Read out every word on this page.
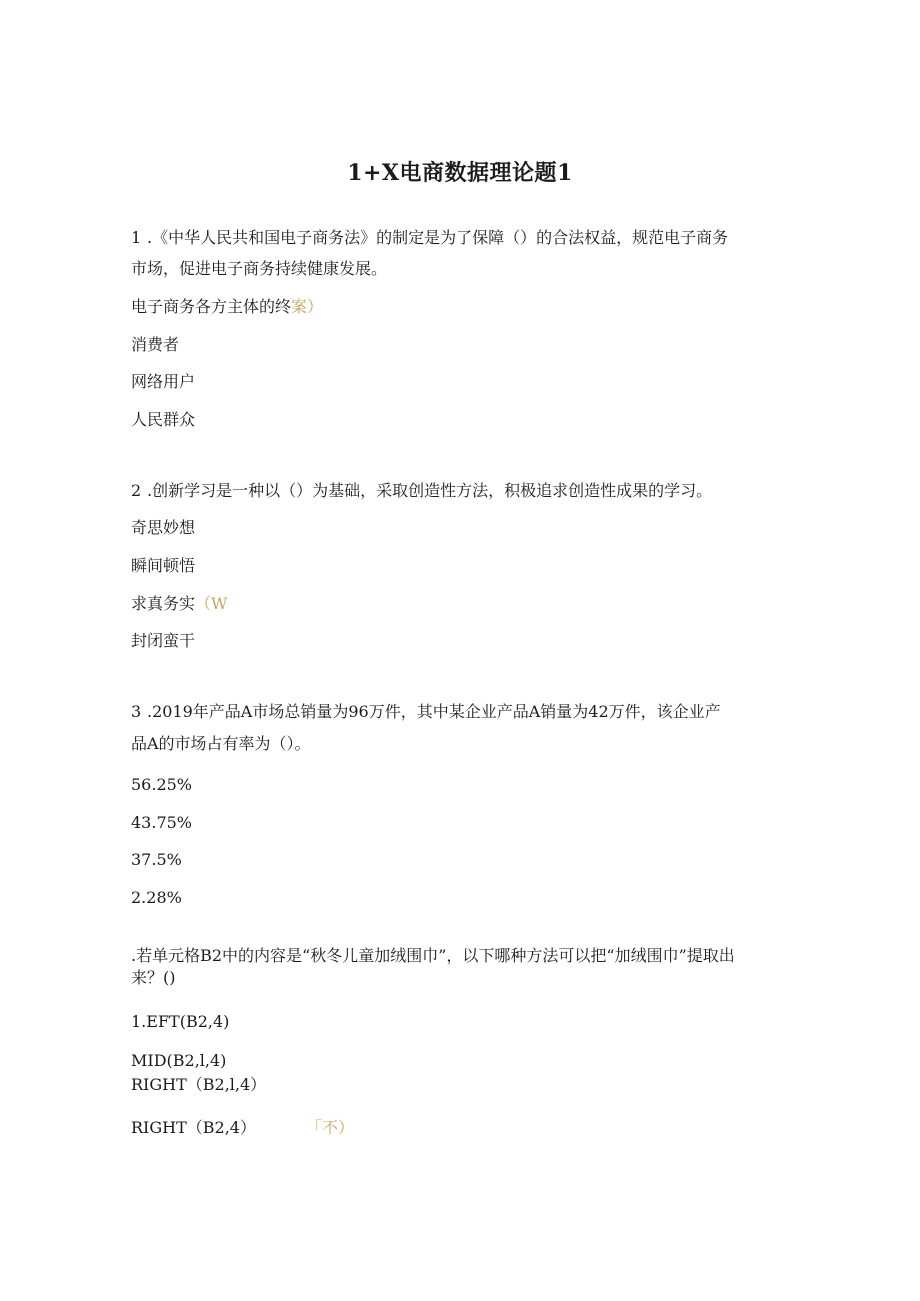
1+X电商数据理论题1
1 .《中华人民共和国电子商务法》的制定是为了保障（）的合法权益，规范电子商务
市场，促进电子商务持续健康发展。
电子商务各方主体的终案）
消费者
网络用户
人民群众
2 .创新学习是一种以（）为基础，采取创造性方法，积极追求创造性成果的学习。
奇思妙想
瞬间顿悟
求真务实（W
封闭蛮干
3 .2019年产品A市场总销量为96万件，其中某企业产品A销量为42万件，该企业产
品A的市场占有率为（）。
56.25%
43.75%
37.5%
2.28%
.若单元格B2中的内容是“秋冬儿童加绒围巾”，以下哪种方法可以把“加绒围巾”提取出
来？()
1.EFT(B2,4)
MID(B2,l,4)
RIGHT（B2,l,4）
RIGHT（B2,4）	「不）
